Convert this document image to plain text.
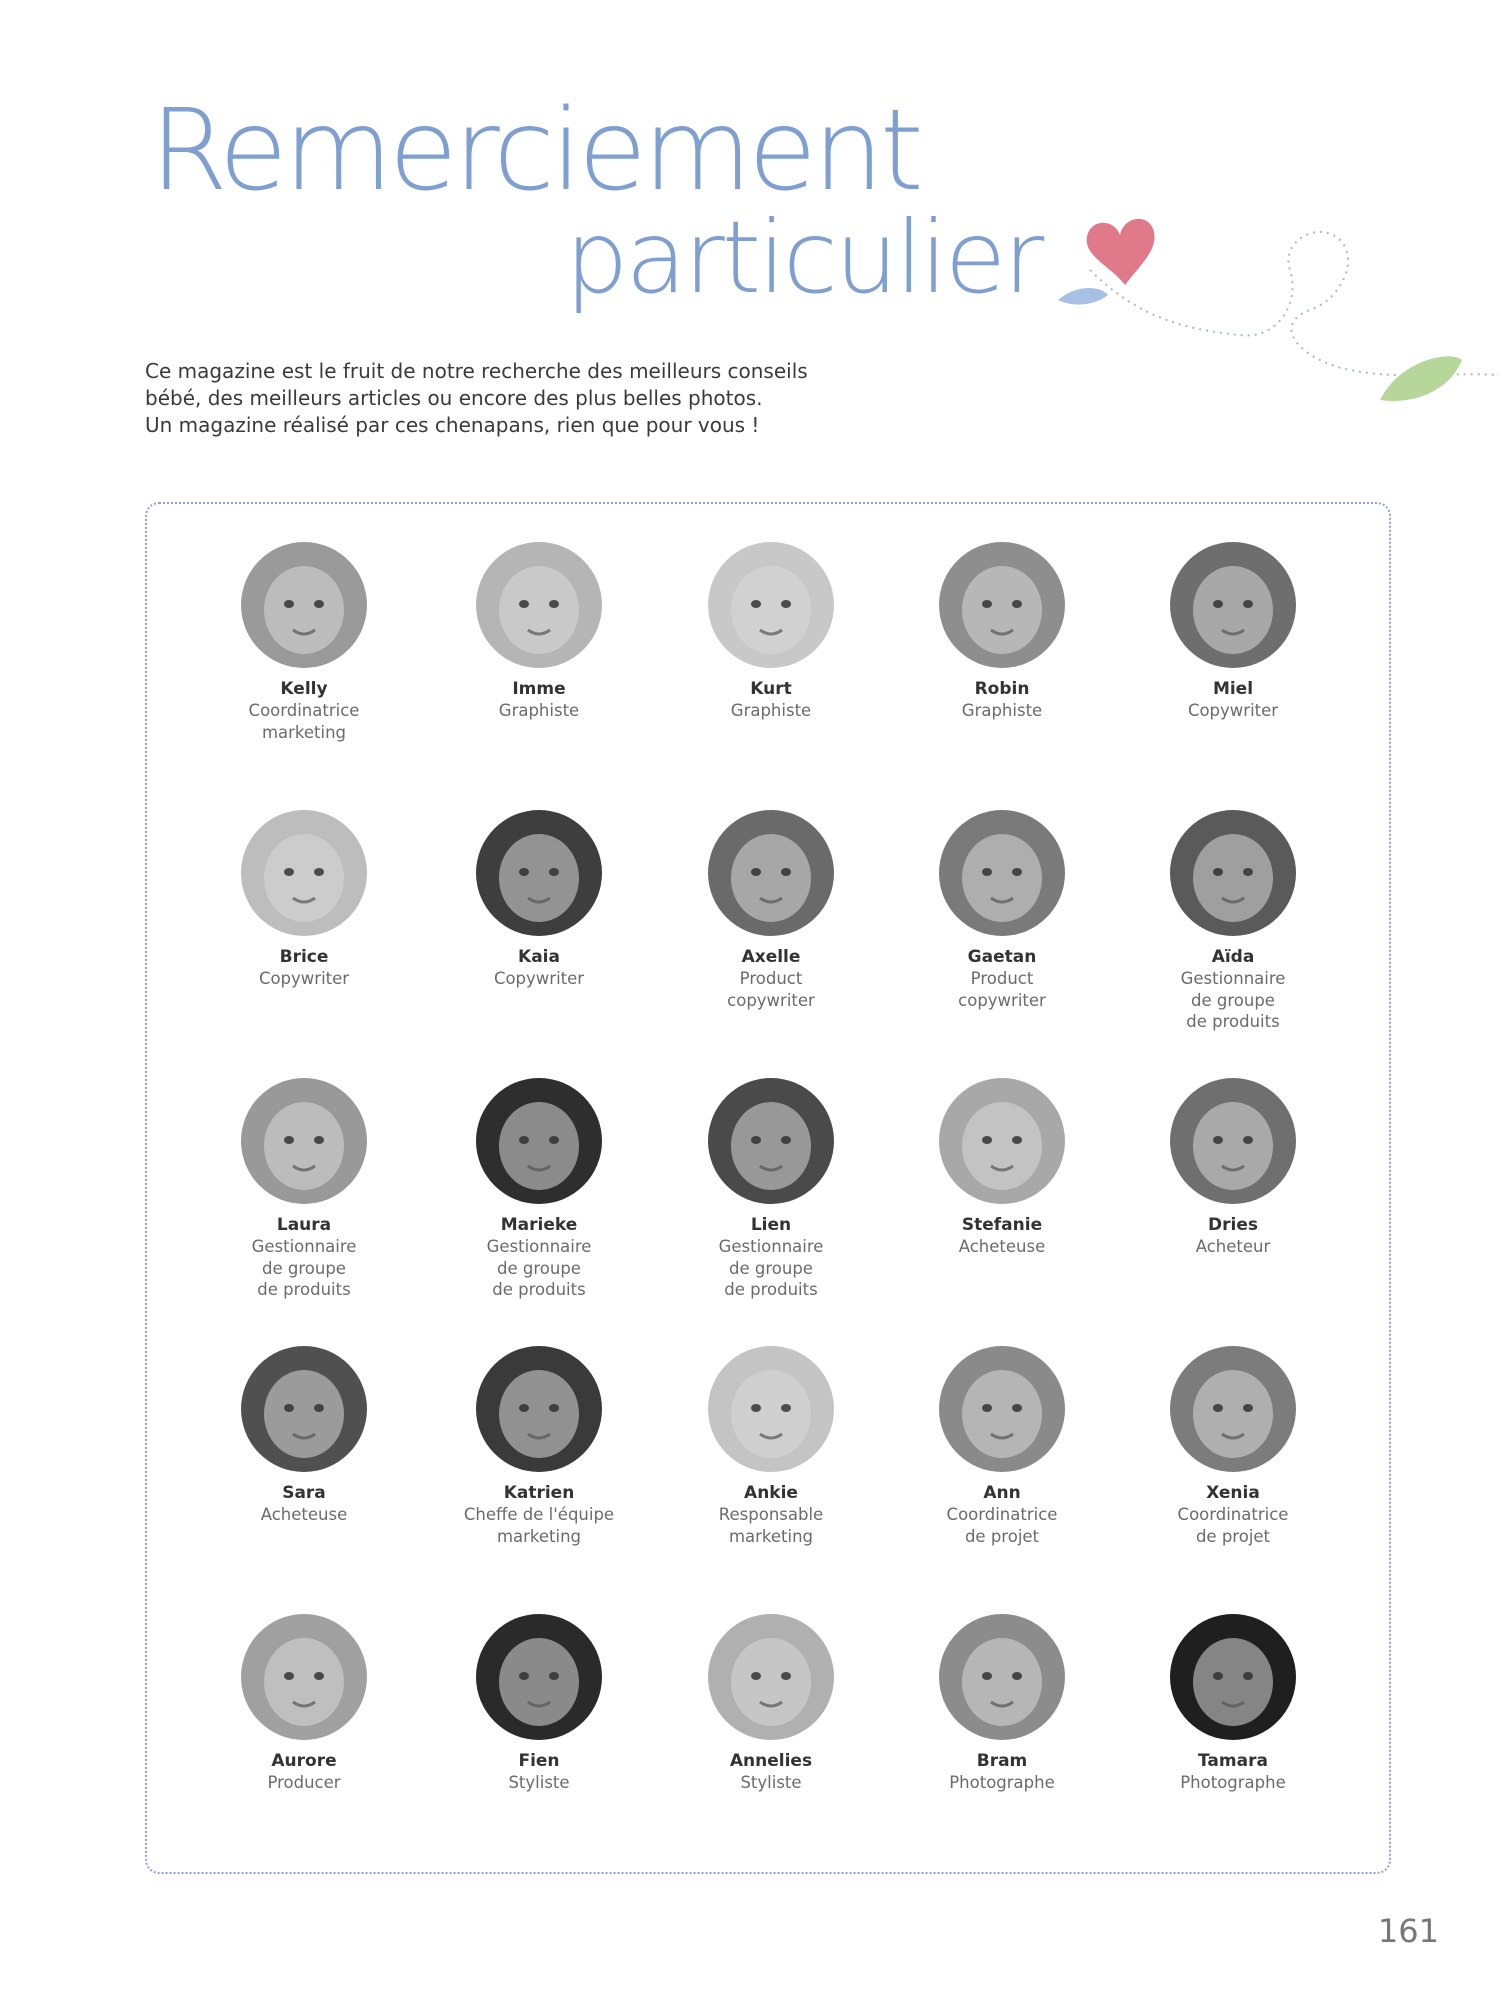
Remerciement
particulier

Ce magazine est le fruit de notre recherche des meilleurs conseils

bébé, des meilleurs articles ou encore des plus belles photos.

Un magazine réalisé par ces chenapans, rien que pour vous !

Kelly
Coordinatrice
marketing
Imme
Graphiste
Kurt
Graphiste
Robin
Graphiste
Miel
Copywriter
Brice
Copywriter
Kaia
Copywriter
Axelle
Product
copywriter
Gaetan
Product
copywriter
Aïda
Gestionnaire
de groupe
de produits
Laura
Gestionnaire
de groupe
de produits
Marieke
Gestionnaire
de groupe
de produits
Lien
Gestionnaire
de groupe
de produits
Stefanie
Acheteuse
Dries
Acheteur
Sara
Acheteuse
Katrien
Cheffe de l'équipe
marketing
Ankie
Responsable
marketing
Ann
Coordinatrice
de projet
Xenia
Coordinatrice
de projet
Aurore
Producer
Fien
Styliste
Annelies
Styliste
Bram
Photographe
Tamara
Photographe
161
